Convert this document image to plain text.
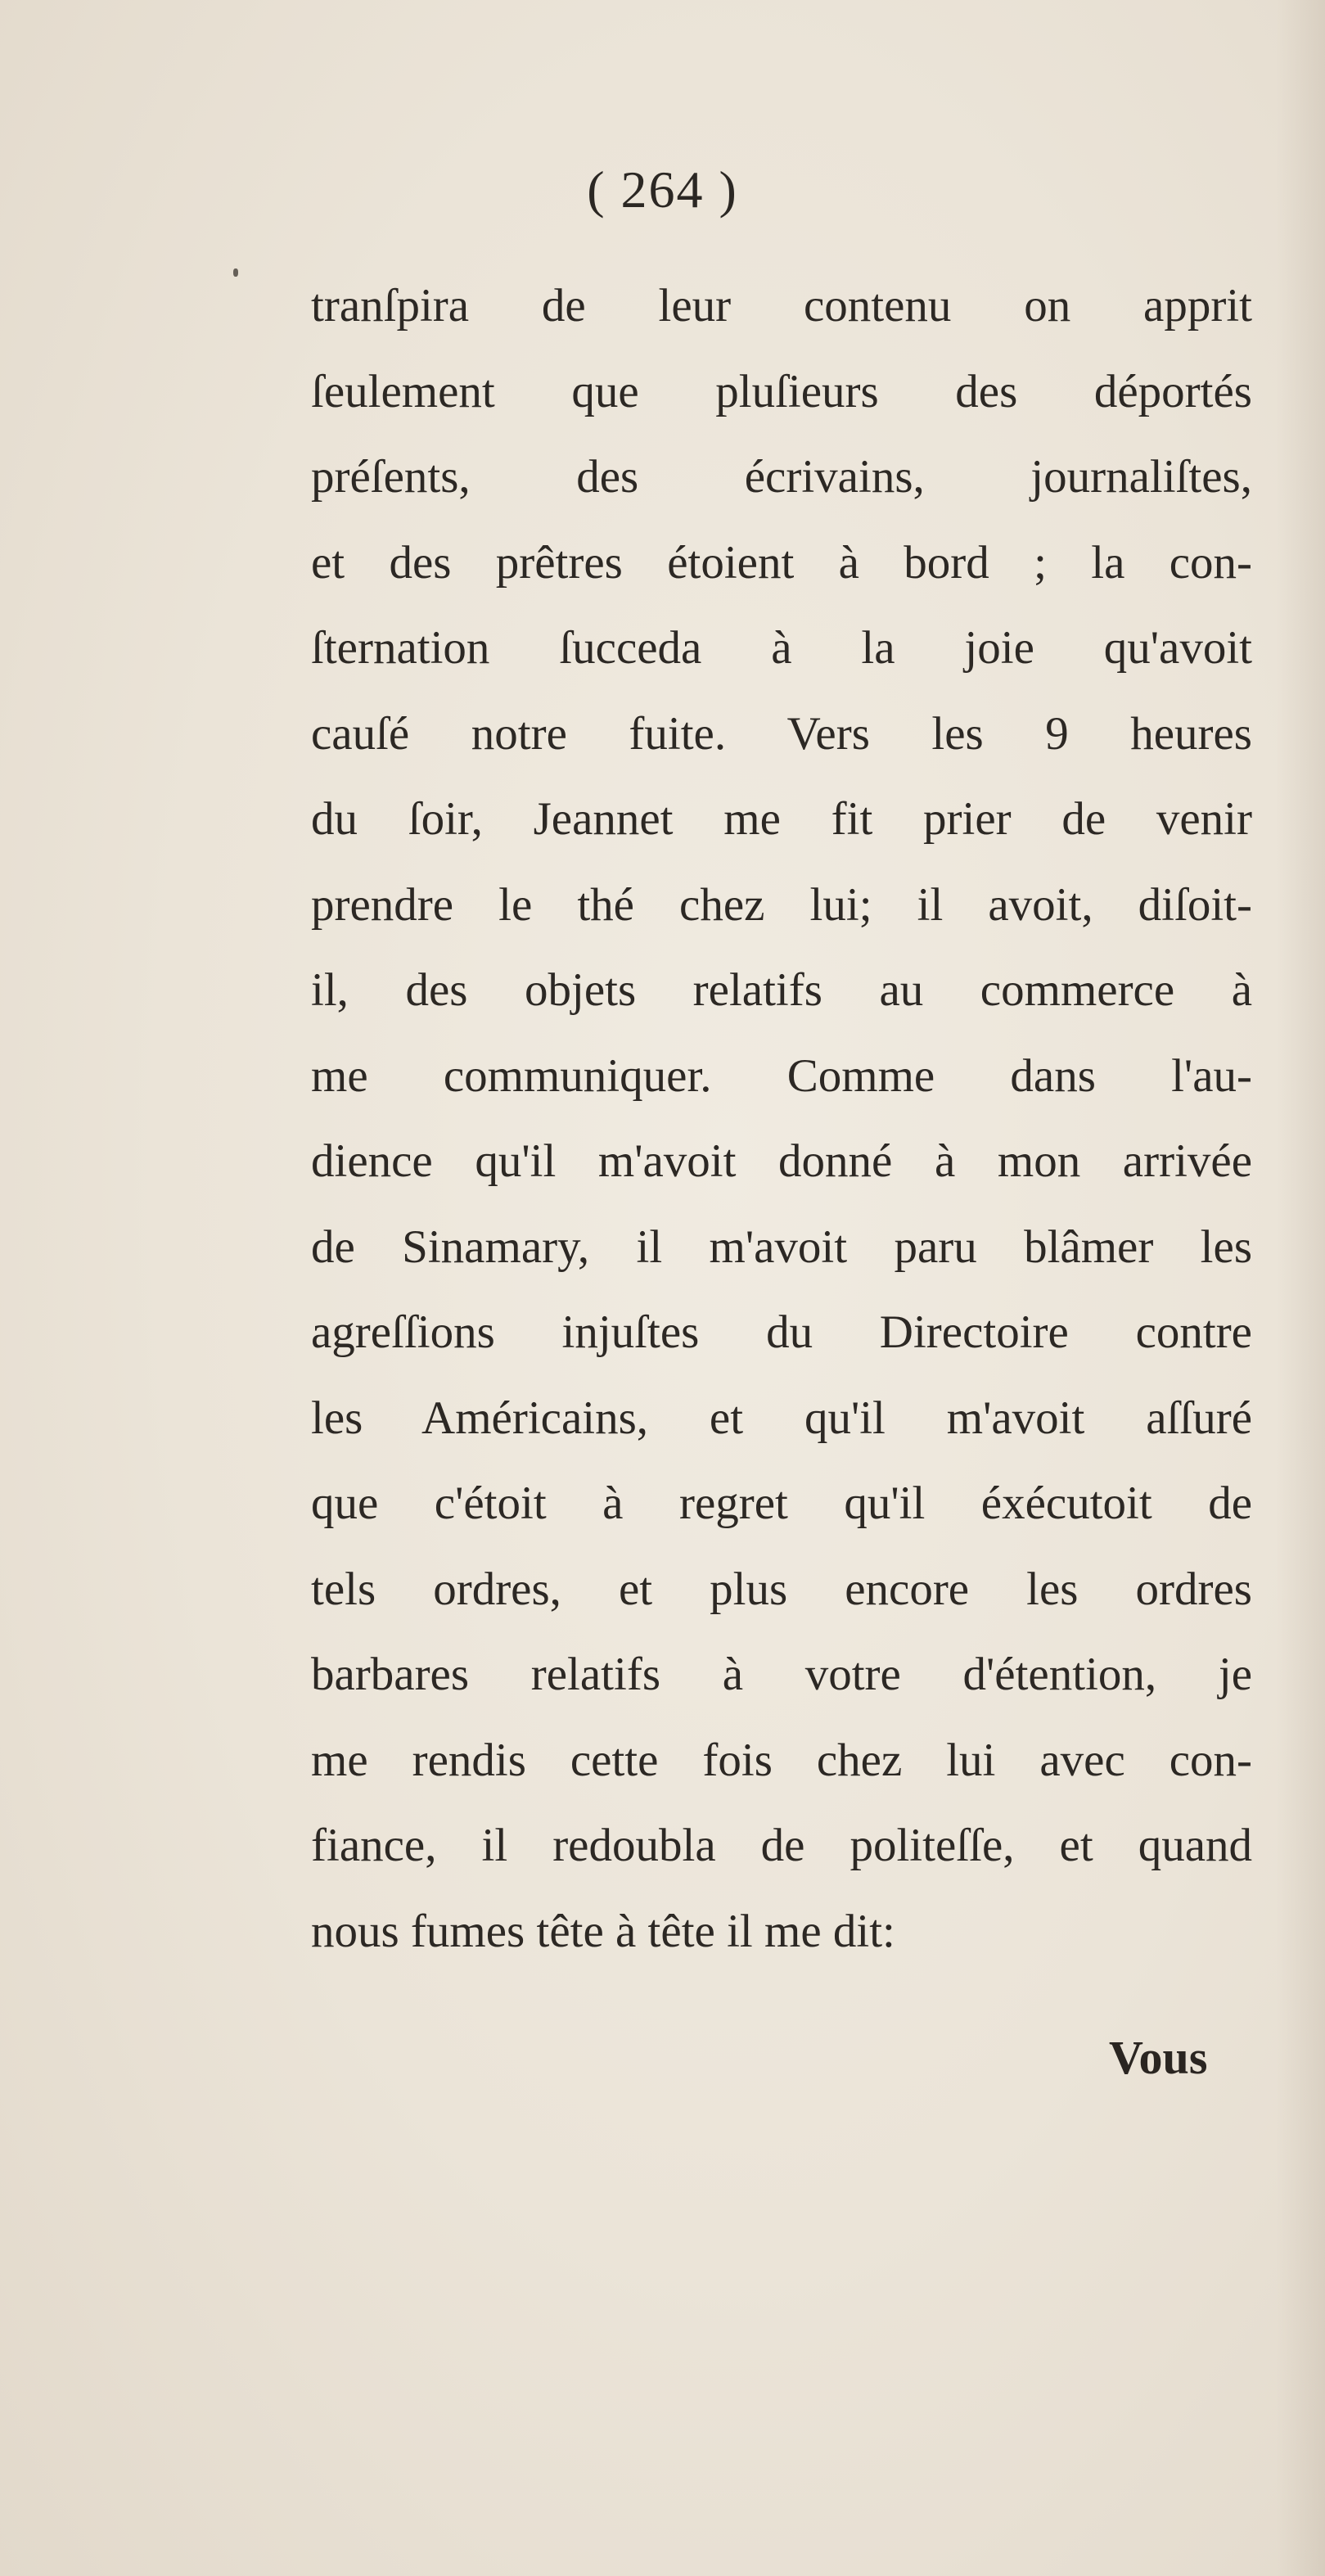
( 264 )
tranſpira de leur contenu on apprit
ſeulement que pluſieurs des déportés
préſents, des écrivains, journaliſtes,
et des prêtres étoient à bord ; la con-
ſternation ſucceda à la joie qu'avoit
cauſé notre fuite. Vers les 9 heures
du ſoir, Jeannet me fit prier de venir
prendre le thé chez lui; il avoit, diſoit-
il, des objets relatifs au commerce à
me communiquer. Comme dans l'au-
dience qu'il m'avoit donné à mon arrivée
de Sinamary, il m'avoit paru blâmer les
agreſſions injuſtes du Directoire contre
les Américains, et qu'il m'avoit aſſuré
que c'étoit à regret qu'il éxécutoit de
tels ordres, et plus encore les ordres
barbares relatifs à votre d'étention, je
me rendis cette fois chez lui avec con-
fiance, il redoubla de politeſſe, et quand
nous fumes tête à tête il me dit:
Vous
